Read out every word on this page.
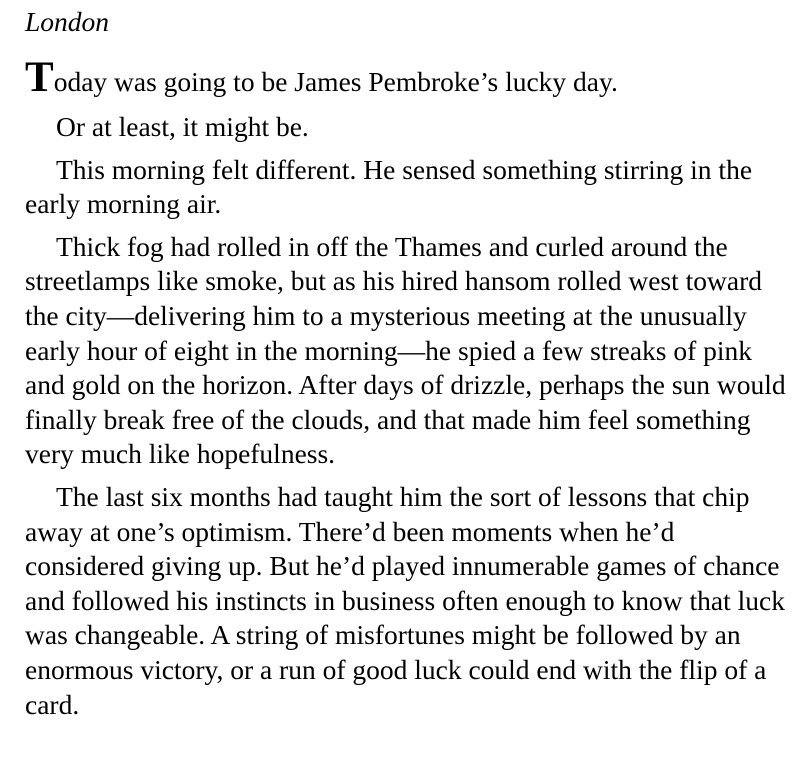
London

Today was going to be James Pembroke’s lucky day.

Or at least, it might be.

This morning felt different. He sensed something stirring in the early morning air.

Thick fog had rolled in off the Thames and curled around the streetlamps like smoke, but as his hired hansom rolled west toward the city—delivering him to a mysterious meeting at the unusually early hour of eight in the morning—he spied a few streaks of pink and gold on the horizon. After days of drizzle, perhaps the sun would finally break free of the clouds, and that made him feel something very much like hopefulness.

The last six months had taught him the sort of lessons that chip away at one’s optimism. There’d been moments when he’d considered giving up. But he’d played innumerable games of chance and followed his instincts in business often enough to know that luck was changeable. A string of misfortunes might be followed by an enormous victory, or a run of good luck could end with the flip of a card.
